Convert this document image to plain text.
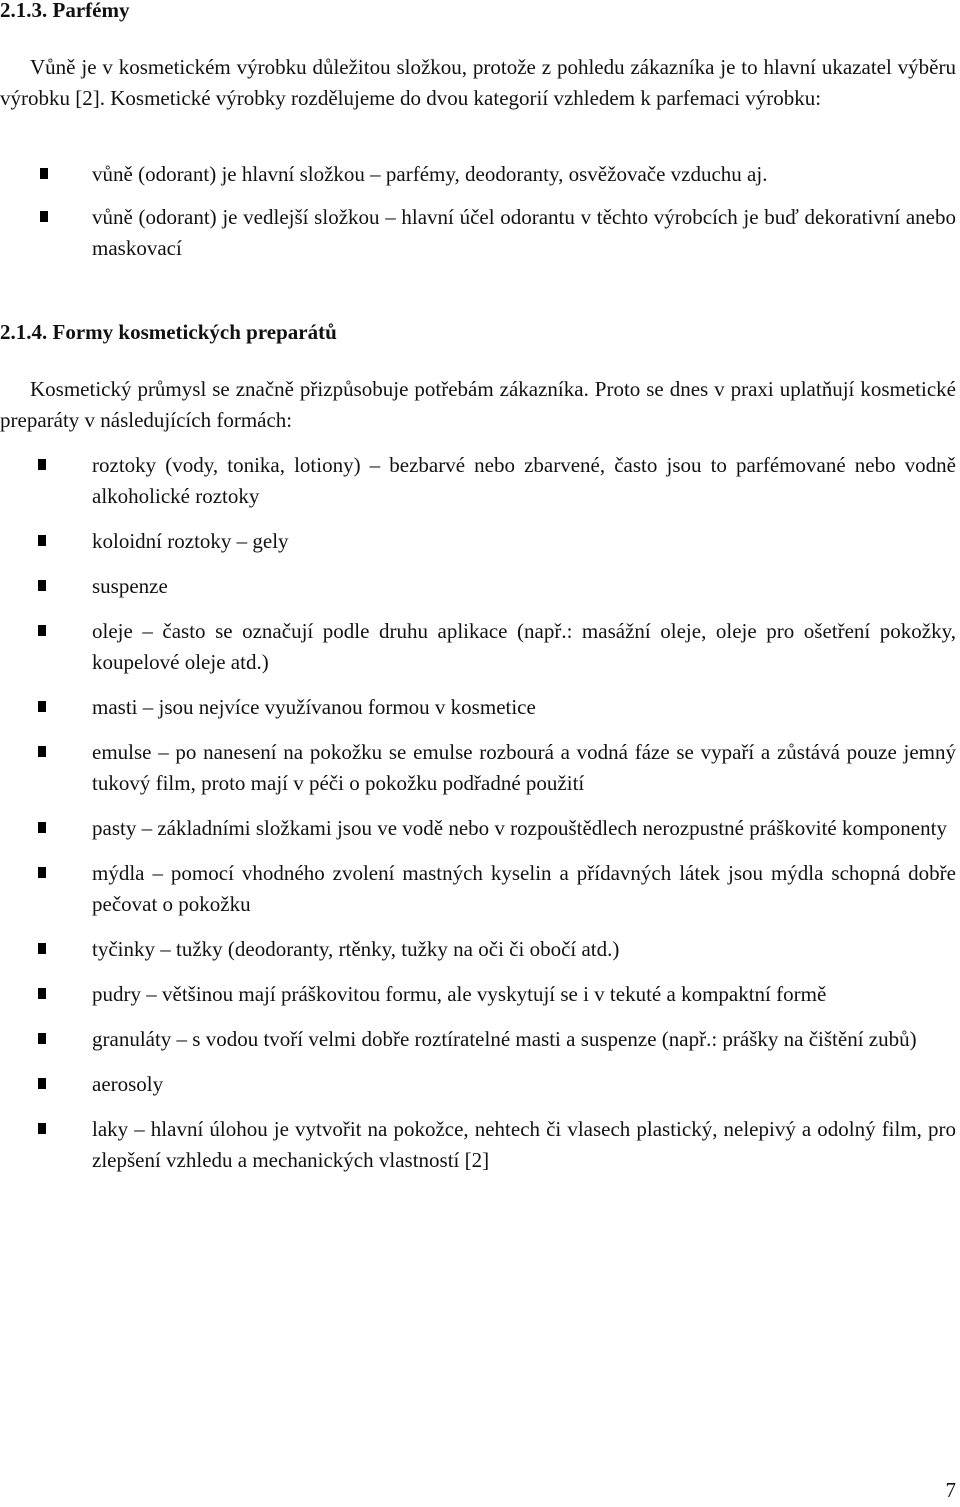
2.1.3. Parfémy

Vůně je v kosmetickém výrobku důležitou složkou, protože z pohledu zákazníka je to hlavní ukazatel výběru výrobku [2]. Kosmetické výrobky rozdělujeme do dvou kategorií vzhledem k parfemaci výrobku:

vůně (odorant) je hlavní složkou – parfémy, deodoranty, osvěžovače vzduchu aj.
vůně (odorant) je vedlejší složkou – hlavní účel odorantu v těchto výrobcích je buď dekorativní anebo maskovací
2.1.4. Formy kosmetických preparátů

Kosmetický průmysl se značně přizpůsobuje potřebám zákazníka. Proto se dnes v praxi uplatňují kosmetické preparáty v následujících formách:

roztoky (vody, tonika, lotiony) – bezbarvé nebo zbarvené, často jsou to parfémované nebo vodně alkoholické roztoky
koloidní roztoky – gely
suspenze
oleje – často se označují podle druhu aplikace (např.: masážní oleje, oleje pro ošetření pokožky, koupelové oleje atd.)
masti – jsou nejvíce využívanou formou v kosmetice
emulse – po nanesení na pokožku se emulse rozbourá a vodná fáze se vypaří a zůstává pouze jemný tukový film, proto mají v péči o pokožku podřadné použití
pasty – základními složkami jsou ve vodě nebo v rozpouštědlech nerozpustné práškovité komponenty
mýdla – pomocí vhodného zvolení mastných kyselin a přídavných látek jsou mýdla schopná dobře pečovat o pokožku
tyčinky – tužky (deodoranty, rtěnky, tužky na oči či obočí atd.)
pudry – většinou mají práškovitou formu, ale vyskytují se i v tekuté a kompaktní formě
granuláty – s vodou tvoří velmi dobře roztíratelné masti a suspenze (např.: prášky na čištění zubů)
aerosoly
laky – hlavní úlohou je vytvořit na pokožce, nehtech či vlasech plastický, nelepivý a odolný film, pro zlepšení vzhledu a mechanických vlastností [2]
7
